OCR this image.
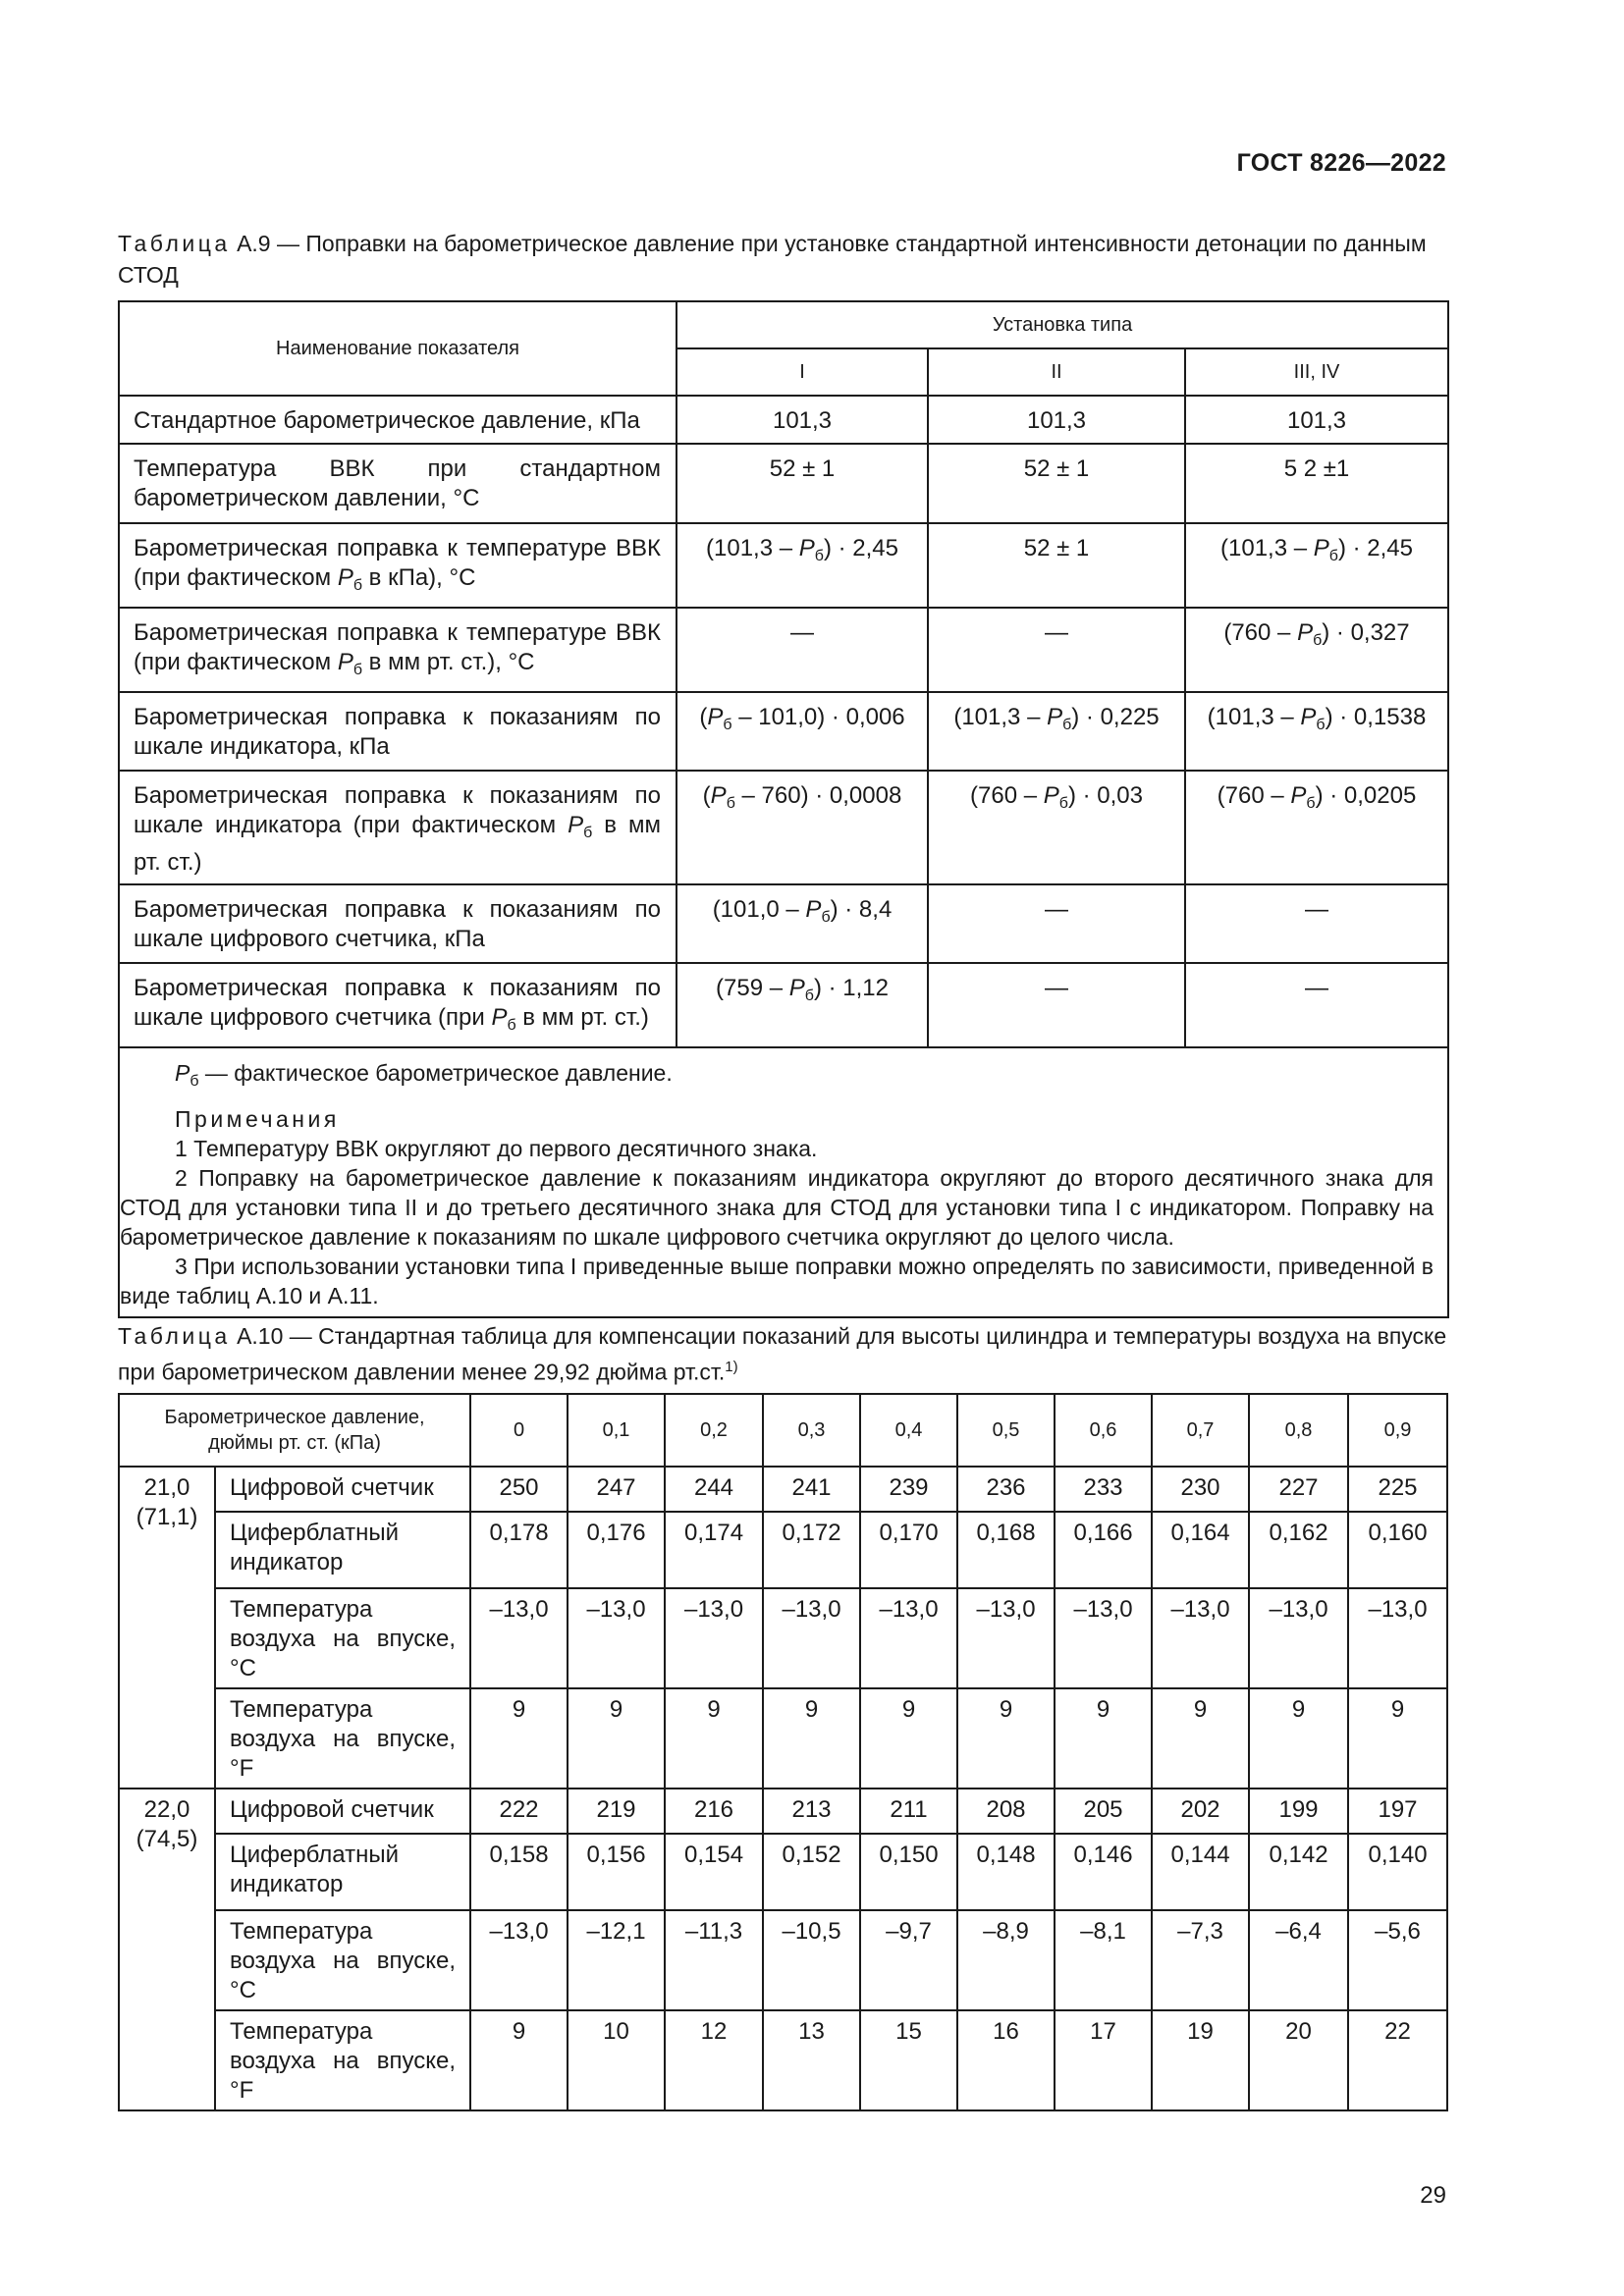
ГОСТ 8226—2022
Таблица А.9 — Поправки на барометрическое давление при установке стандартной интенсивности детонации по данным СТОД
Наименование показателя	Установка типа		
	I	II	III, IV
Стандартное барометрическое давление, кПа	101,3	101,3	101,3
Температура ВВК при стандартном барометрическом давлении, °С	52 ± 1	52 ± 1	5 2 ±1
Барометрическая поправка к температуре ВВК (при фактическом $P_б$ в кПа), °С	$(101,3 - P_б) \cdot 2,45$	52 ± 1	$(101,3 - P_б) \cdot 2,45$
Барометрическая поправка к температуре ВВК (при фактическом $P_б$ в мм рт. ст.), °С	—	—	$(760 - P_б) \cdot 0,327$
Барометрическая поправка к показаниям по шкале индикатора, кПа	$(P_б - 101,0) \cdot 0,006$	$(101,3 - P_б) \cdot 0,225$	$(101,3 - P_б) \cdot 0,1538$
Барометрическая поправка к показаниям по шкале индикатора (при фактическом $P_б$ в мм рт. ст.)	$(P_б - 760) \cdot 0,0008$	$(760 - P_б) \cdot 0,03$	$(760 - P_б) \cdot 0,0205$
Барометрическая поправка к показаниям по шкале цифрового счетчика, кПа	$(101,0 - P_б) \cdot 8,4$	—	—
Барометрическая поправка к показаниям по шкале цифрового счетчика (при $P_б$ в мм рт. ст.)	$(759 - P_б) \cdot 1,12$	—	—

$P_б$ — фактическое барометрическое давление.

Примечания

1 Температуру ВВК округляют до первого десятичного знака.

2 Поправку на барометрическое давление к показаниям индикатора округляют до второго десятичного знака для СТОД для установки типа II и до третьего десятичного знака для СТОД для установки типа I с индикатором. Поправку на барометрическое давление к показаниям по шкале цифрового счетчика округляют до целого числа.

3 При использовании установки типа I приведенные выше поправки можно определять по зависимости, приведенной в виде таблиц А.10 и А.11.			

Таблица А.10 — Стандартная таблица для компенсации показаний для высоты цилиндра и температуры воздуха на впуске при барометрическом давлении менее 29,92 дюйма рт.ст.$^{1)}$
Барометрическое давление, дюймы рт. ст. (кПа)		0	0,1	0,2	0,3	0,4	0,5	0,6	0,7	0,8	0,9
21,0 (71,1)	Цифровой счетчик	250	247	244	241	239	236	233	230	227	225
	Циферблатный индикатор	0,178	0,176	0,174	0,172	0,170	0,168	0,166	0,164	0,162	0,160
	Температура воздуха на впуске, °С	–13,0	–13,0	–13,0	–13,0	–13,0	–13,0	–13,0	–13,0	–13,0	–13,0
	Температура воздуха на впуске, °F	9	9	9	9	9	9	9	9	9	9
22,0 (74,5)	Цифровой счетчик	222	219	216	213	211	208	205	202	199	197
	Циферблатный индикатор	0,158	0,156	0,154	0,152	0,150	0,148	0,146	0,144	0,142	0,140
	Температура воздуха на впуске, °С	–13,0	–12,1	–11,3	–10,5	–9,7	–8,9	–8,1	–7,3	–6,4	–5,6
	Температура воздуха на впуске, °F	9	10	12	13	15	16	17	19	20	22
29
